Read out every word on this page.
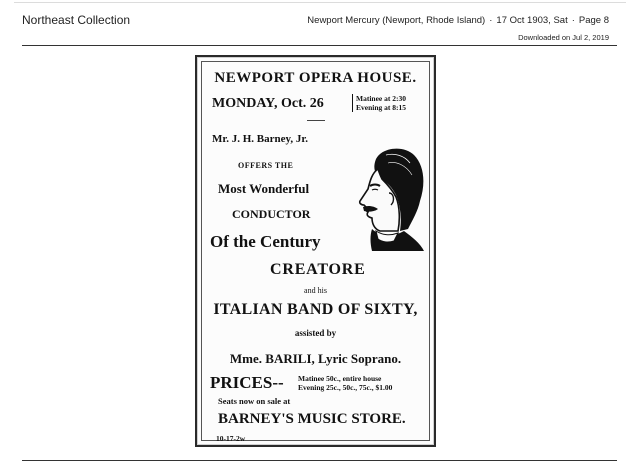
Northeast Collection	Newport Mercury (Newport, Rhode Island) · 17 Oct 1903, Sat · Page 8
Downloaded on Jul 2, 2019
NEWPORT OPERA HOUSE.
MONDAY, Oct. 26	Matinee at 2:30
Evening at 8:15
Mr. J. H. Barney, Jr.
OFFERS THE
Most Wonderful
CONDUCTOR
Of the Century
CREATORE
and his
ITALIAN BAND OF SIXTY,
assisted by
Mme. BARILI, Lyric Soprano.
PRICES-- Matinee 50c., entire house
Evening 25c., 50c., 75c., $1.00
Seats now on sale at
BARNEY'S MUSIC STORE.
10-17-2w
